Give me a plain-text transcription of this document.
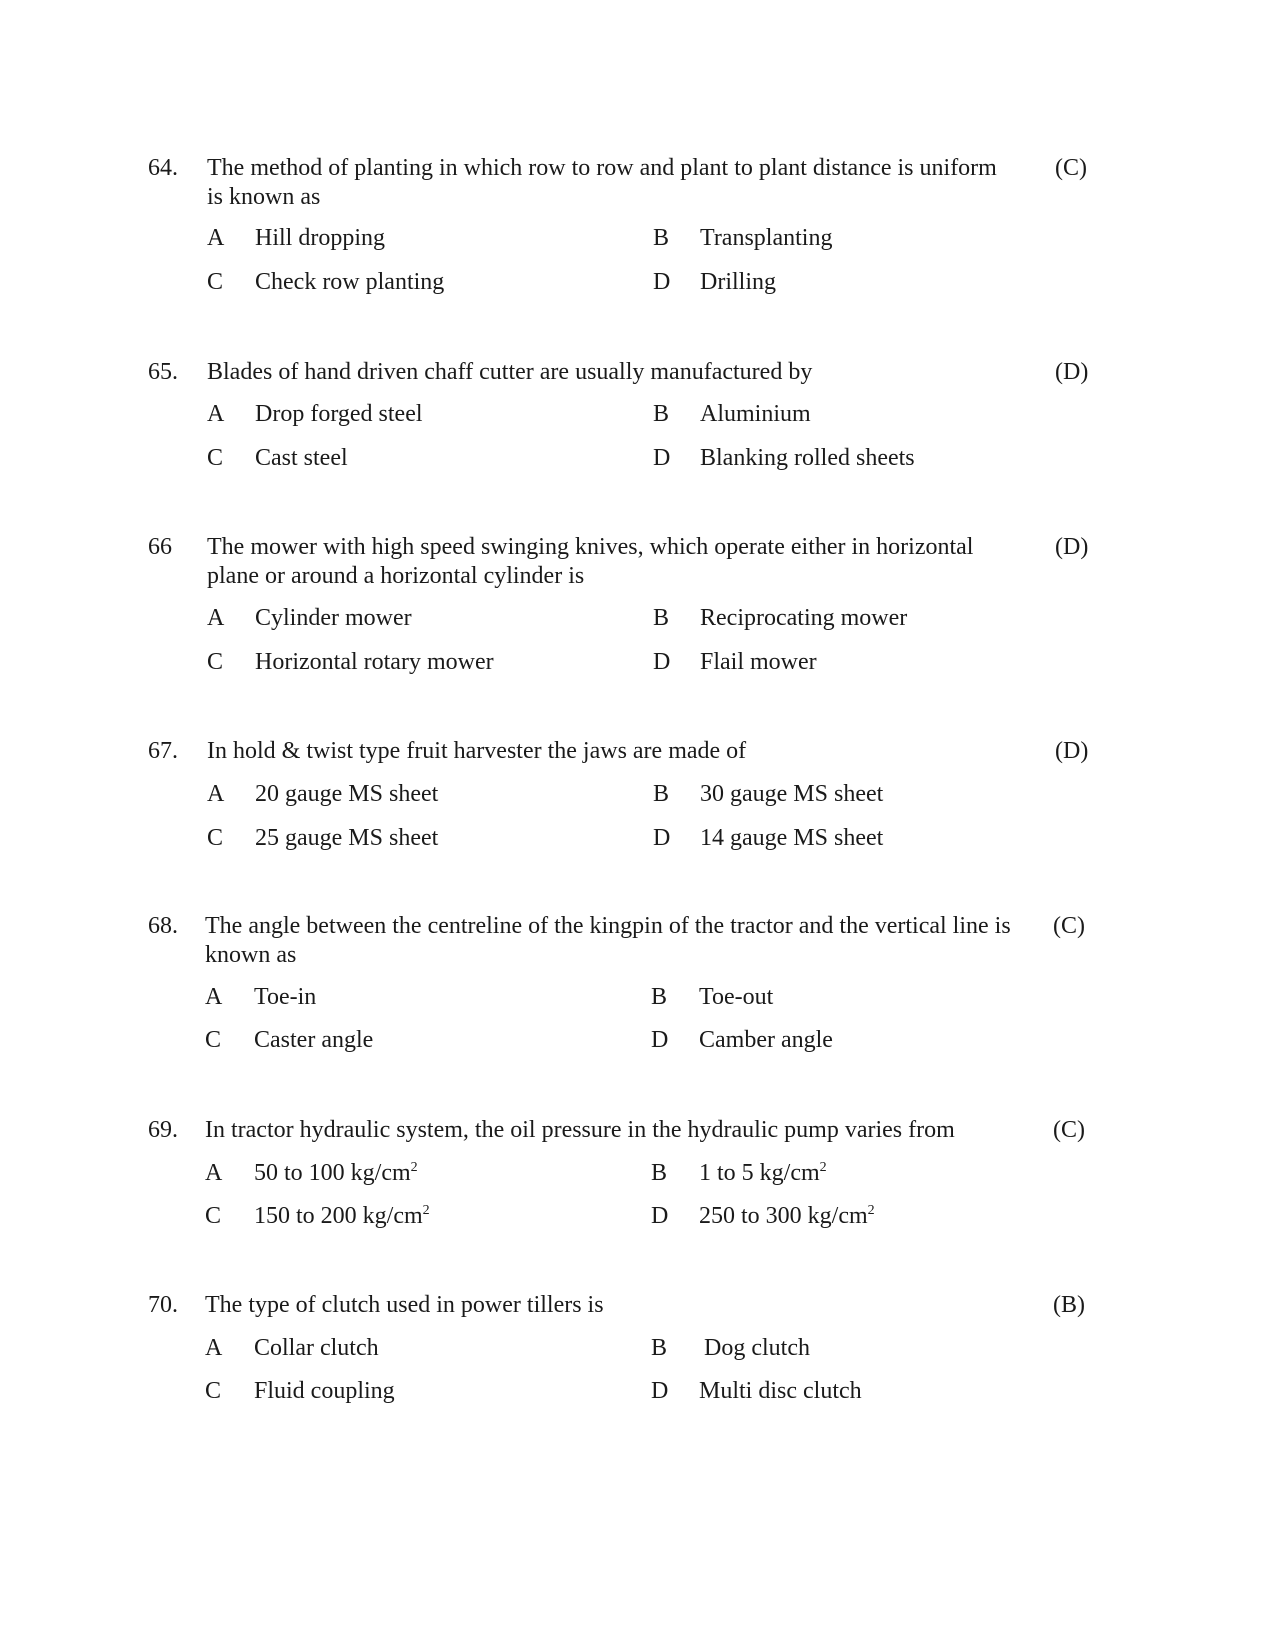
64. The method of planting in which row to row and plant to plant distance is uniform is known as
(C)
A Hill dropping	B Transplanting
C Check row planting	D Drilling
65. Blades of hand driven chaff cutter are usually manufactured by	(D)
A Drop forged steel	B Aluminium
C Cast steel	D Blanking rolled sheets
66 The mower with high speed swinging knives, which operate either in horizontal plane or around a horizontal cylinder is
(D)
A Cylinder mower	B Reciprocating mower
C Horizontal rotary mower	D Flail mower
67. In hold & twist type fruit harvester the jaws are made of	(D)
A 20 gauge MS sheet	B 30 gauge MS sheet
C 25 gauge MS sheet	D 14 gauge MS sheet
68. The angle between the centreline of the kingpin of the tractor and the vertical line is known as
(C)
A Toe-in	B Toe-out
C Caster angle	D Camber angle
69. In tractor hydraulic system, the oil pressure in the hydraulic pump varies from	(C)
A 50 to 100 $kg/cm^2$	B 1 to 5 $kg/cm^2$
C 150 to 200 $kg/cm^2$	D 250 to 300 $kg/cm^2$
70. The type of clutch used in power tillers is	(B)
A Collar clutch	B Dog clutch
C Fluid coupling	D Multi disc clutch
